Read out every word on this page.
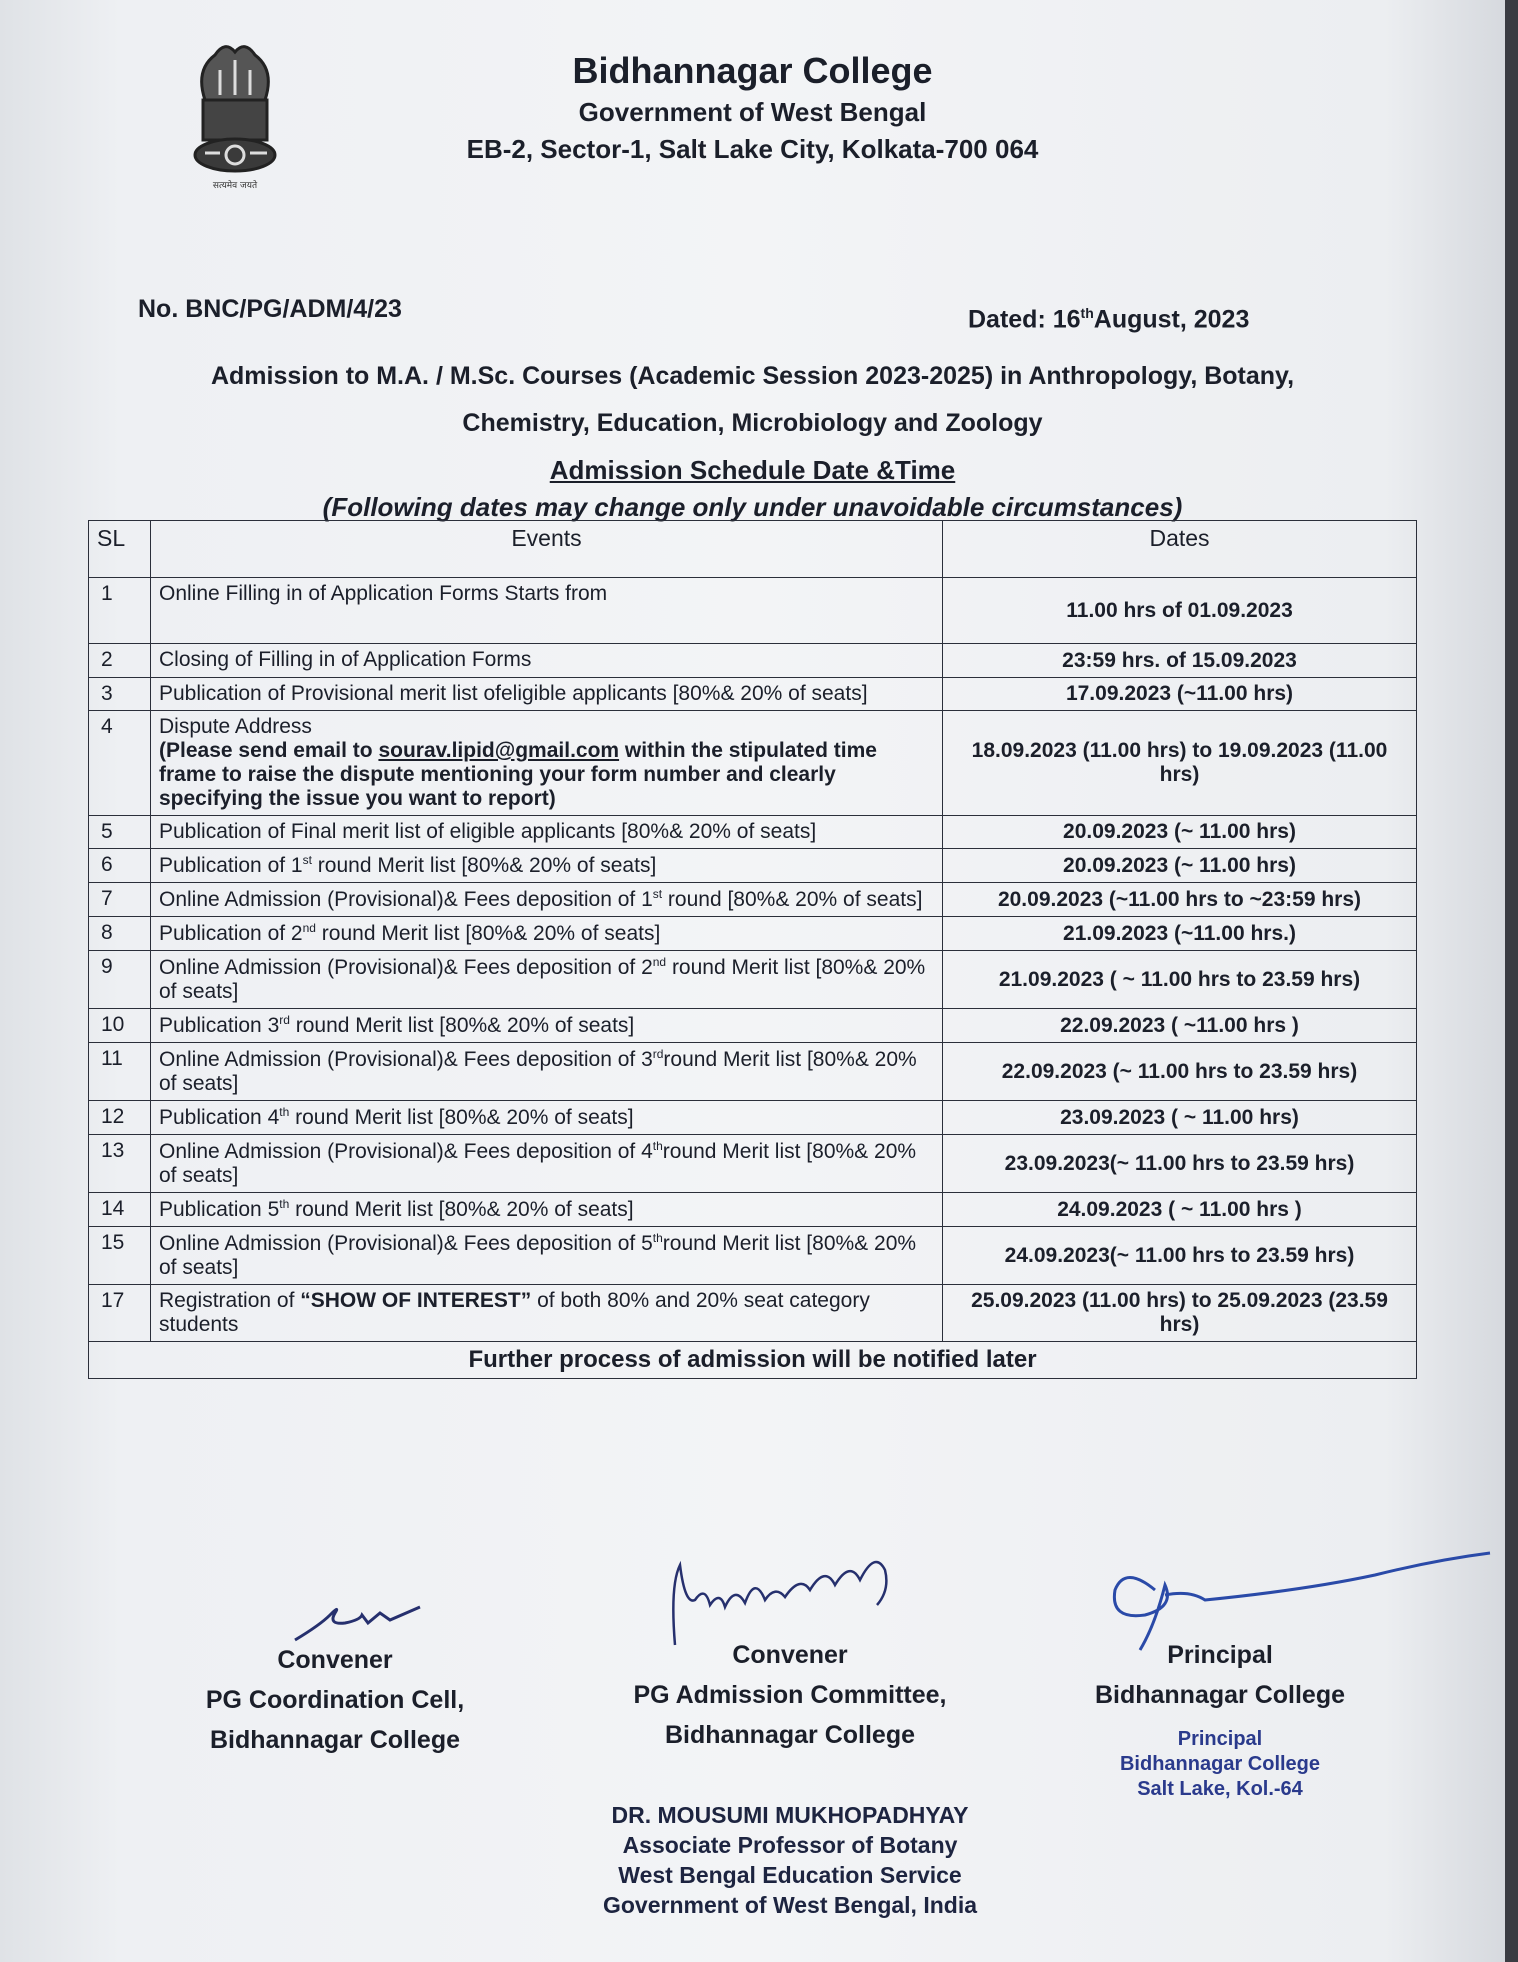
सत्यमेव जयते
Bidhannagar College
Government of West Bengal
EB-2, Sector-1, Salt Lake City, Kolkata-700 064
No. BNC/PG/ADM/4/23	Dated: 16thAugust, 2023
Admission to M.A. / M.Sc. Courses (Academic Session 2023-2025) in Anthropology, Botany,
Chemistry, Education, Microbiology and Zoology
Admission Schedule Date &Time
(Following dates may change only under unavoidable circumstances)
SL	Events	Dates
1	Online Filling in of Application Forms Starts from	11.00 hrs of 01.09.2023
2	Closing of Filling in of Application Forms	23:59 hrs. of 15.09.2023
3	Publication of Provisional merit list ofeligible applicants [80%& 20% of seats]	17.09.2023 (~11.00 hrs)
4	Dispute Address
(Please send email to sourav.lipid@gmail.com within the stipulated time frame to raise the dispute mentioning your form number and clearly specifying the issue you want to report)	18.09.2023 (11.00 hrs) to 19.09.2023 (11.00 hrs)
5	Publication of Final merit list of eligible applicants [80%& 20% of seats]	20.09.2023 (~ 11.00 hrs)
6	Publication of 1st round Merit list [80%& 20% of seats]	20.09.2023 (~ 11.00 hrs)
7	Online Admission (Provisional)& Fees deposition of 1st round [80%& 20% of seats]	20.09.2023 (~11.00 hrs to ~23:59 hrs)
8	Publication of 2nd round Merit list [80%& 20% of seats]	21.09.2023 (~11.00 hrs.)
9	Online Admission (Provisional)& Fees deposition of 2nd round Merit list [80%& 20% of seats]	21.09.2023 ( ~ 11.00 hrs to 23.59 hrs)
10	Publication 3rd round Merit list [80%& 20% of seats]	22.09.2023 ( ~11.00 hrs )
11	Online Admission (Provisional)& Fees deposition of 3rdround Merit list [80%& 20% of seats]	22.09.2023 (~ 11.00 hrs to 23.59 hrs)
12	Publication 4th round Merit list [80%& 20% of seats]	23.09.2023 ( ~ 11.00 hrs)
13	Online Admission (Provisional)& Fees deposition of 4thround Merit list [80%& 20% of seats]	23.09.2023(~ 11.00 hrs to 23.59 hrs)
14	Publication 5th round Merit list [80%& 20% of seats]	24.09.2023 ( ~ 11.00 hrs )
15	Online Admission (Provisional)& Fees deposition of 5thround Merit list [80%& 20% of seats]	24.09.2023(~ 11.00 hrs to 23.59 hrs)
17	Registration of “SHOW OF INTEREST” of both 80% and 20% seat category students	25.09.2023 (11.00 hrs) to 25.09.2023 (23.59 hrs)
Further process of admission will be notified later		
Convener
PG Coordination Cell,
Bidhannagar College
Convener
PG Admission Committee,
Bidhannagar College
Principal
Bidhannagar College
Principal
Bidhannagar College
Salt Lake, Kol.-64
DR. MOUSUMI MUKHOPADHYAY
Associate Professor of Botany
West Bengal Education Service
Government of West Bengal, India
